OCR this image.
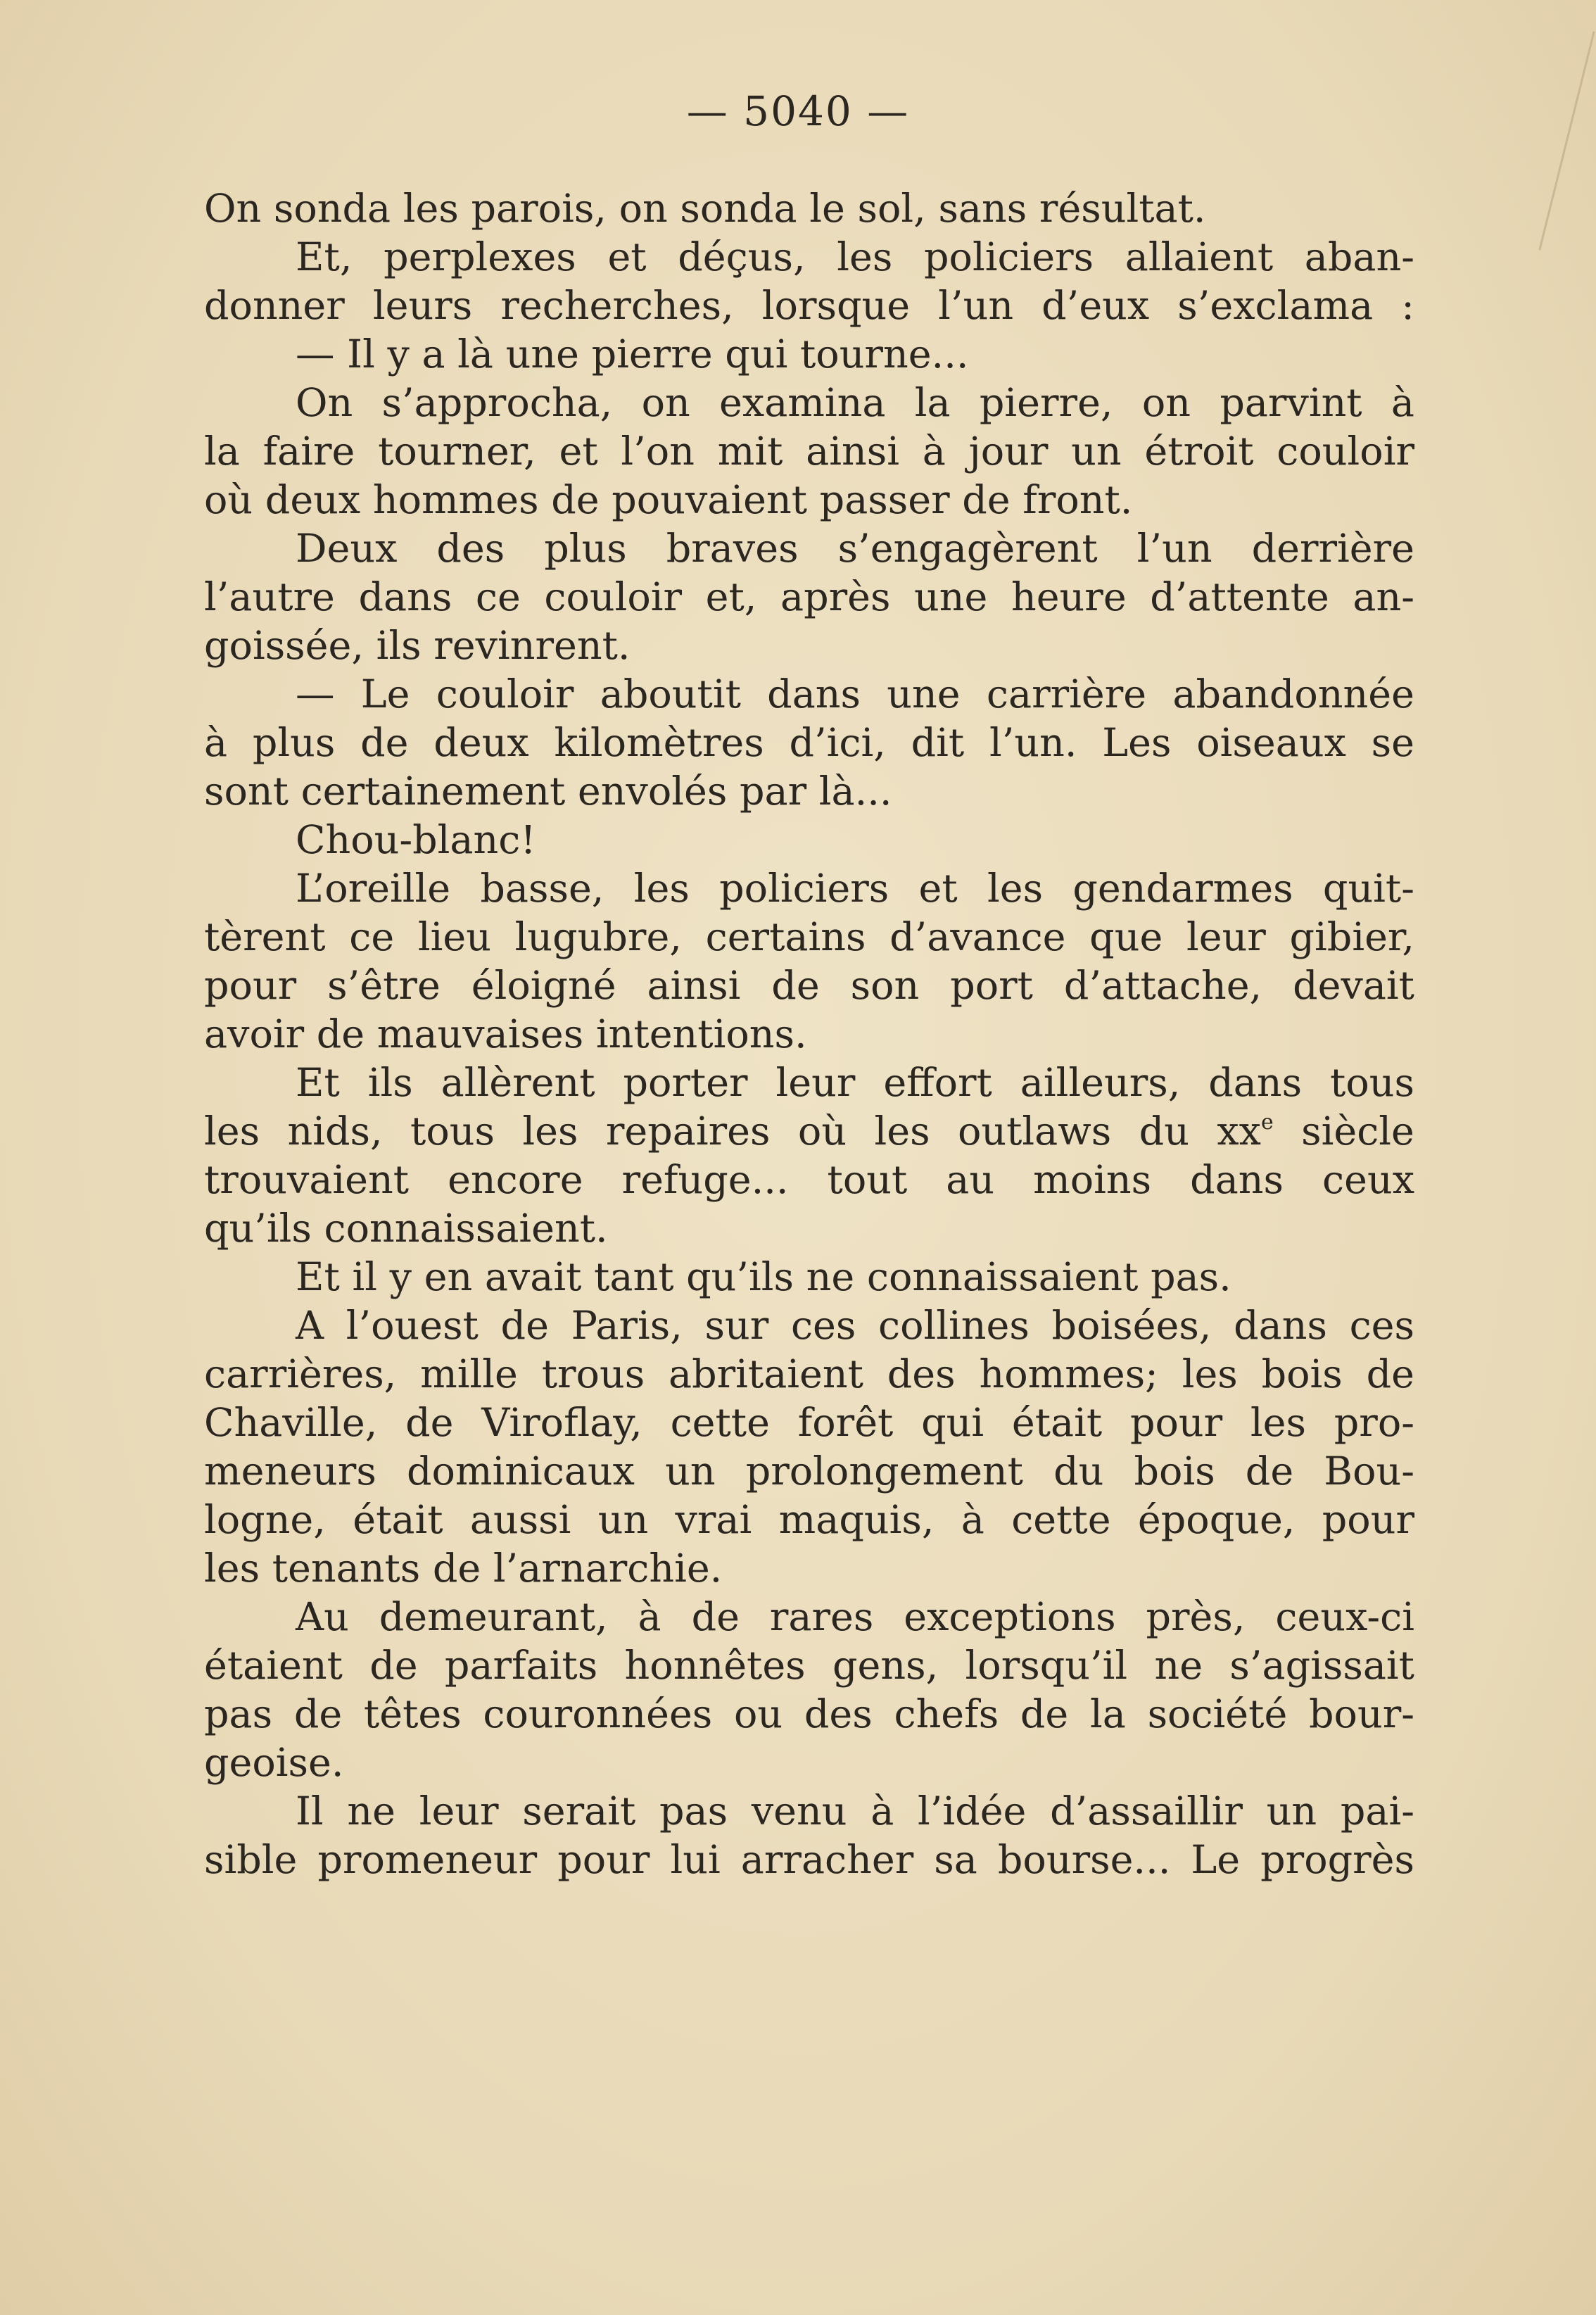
— 5040 —
On sonda les parois, on sonda le sol, sans résultat.
Et, perplexes et déçus, les policiers allaient aban-
donner leurs recherches, lorsque l’un d’eux s’exclama :
— Il y a là une pierre qui tourne...
On s’approcha, on examina la pierre, on parvint à
la faire tourner, et l’on mit ainsi à jour un étroit couloir
où deux hommes de pouvaient passer de front.
Deux des plus braves s’engagèrent l’un derrière
l’autre dans ce couloir et, après une heure d’attente an-
goissée, ils revinrent.
— Le couloir aboutit dans une carrière abandonnée
à plus de deux kilomètres d’ici, dit l’un. Les oiseaux se
sont certainement envolés par là...
Chou-blanc!
L’oreille basse, les policiers et les gendarmes quit-
tèrent ce lieu lugubre, certains d’avance que leur gibier,
pour s’être éloigné ainsi de son port d’attache, devait
avoir de mauvaises intentions.
Et ils allèrent porter leur effort ailleurs, dans tous
les nids, tous les repaires où les outlaws du $xx^e$ siècle
trouvaient encore refuge... tout au moins dans ceux
qu’ils connaissaient.
Et il y en avait tant qu’ils ne connaissaient pas.
A l’ouest de Paris, sur ces collines boisées, dans ces
carrières, mille trous abritaient des hommes; les bois de
Chaville, de Viroflay, cette forêt qui était pour les pro-
meneurs dominicaux un prolongement du bois de Bou-
logne, était aussi un vrai maquis, à cette époque, pour
les tenants de l’arnarchie.
Au demeurant, à de rares exceptions près, ceux-ci
étaient de parfaits honnêtes gens, lorsqu’il ne s’agissait
pas de têtes couronnées ou des chefs de la société bour-
geoise.
Il ne leur serait pas venu à l’idée d’assaillir un pai-
sible promeneur pour lui arracher sa bourse... Le progrès
